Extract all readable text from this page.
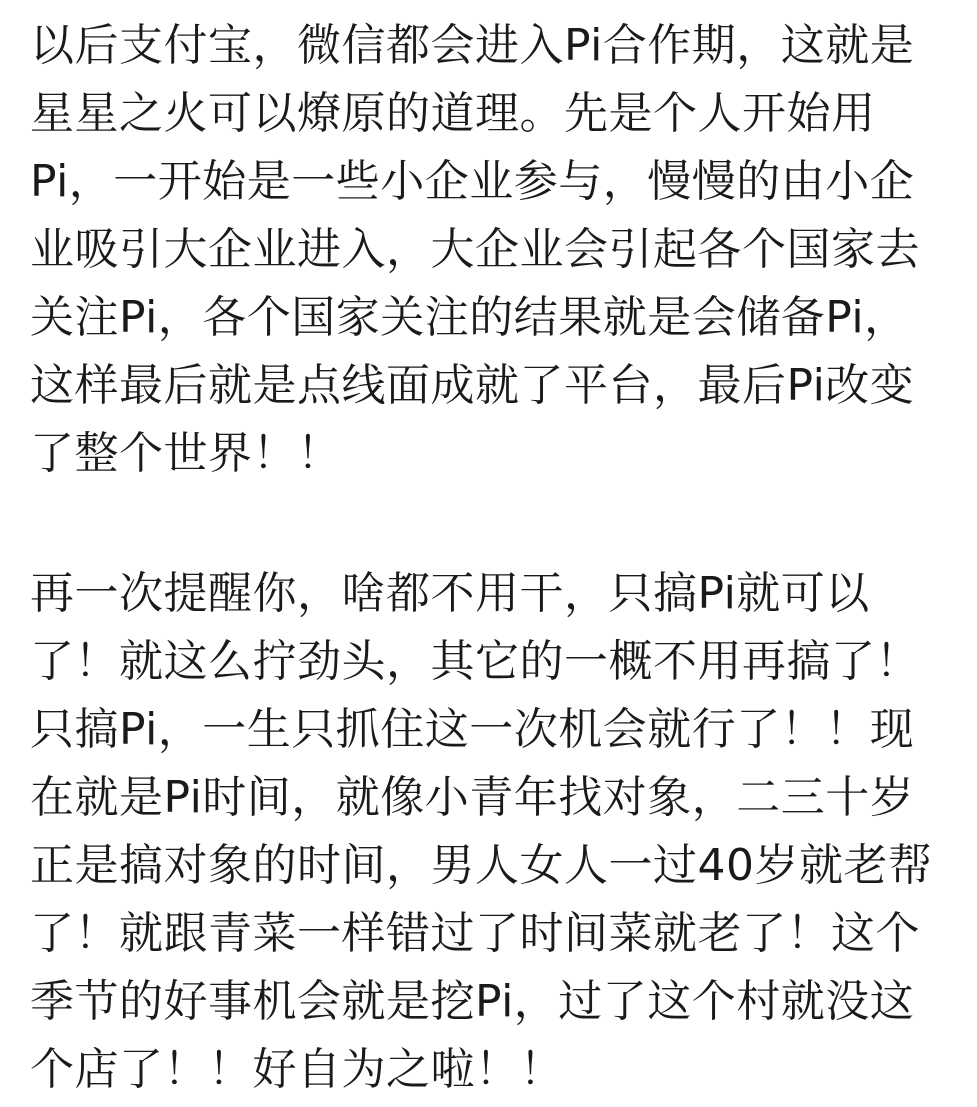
以后支付宝，微信都会进入Pi合作期，这就是
星星之火可以燎原的道理。先是个人开始用
Pi，一开始是一些小企业参与，慢慢的由小企
业吸引大企业进入，大企业会引起各个国家去
关注Pi，各个国家关注的结果就是会储备Pi，
这样最后就是点线面成就了平台，最后Pi改变
了整个世界！！
再一次提醒你，啥都不用干，只搞Pi就可以
了！就这么拧劲头，其它的一概不用再搞了！
只搞Pi，一生只抓住这一次机会就行了！！现
在就是Pi时间，就像小青年找对象，二三十岁
正是搞对象的时间，男人女人一过40岁就老帮
了！就跟青菜一样错过了时间菜就老了！这个
季节的好事机会就是挖Pi，过了这个村就没这
个店了！！好自为之啦！！
